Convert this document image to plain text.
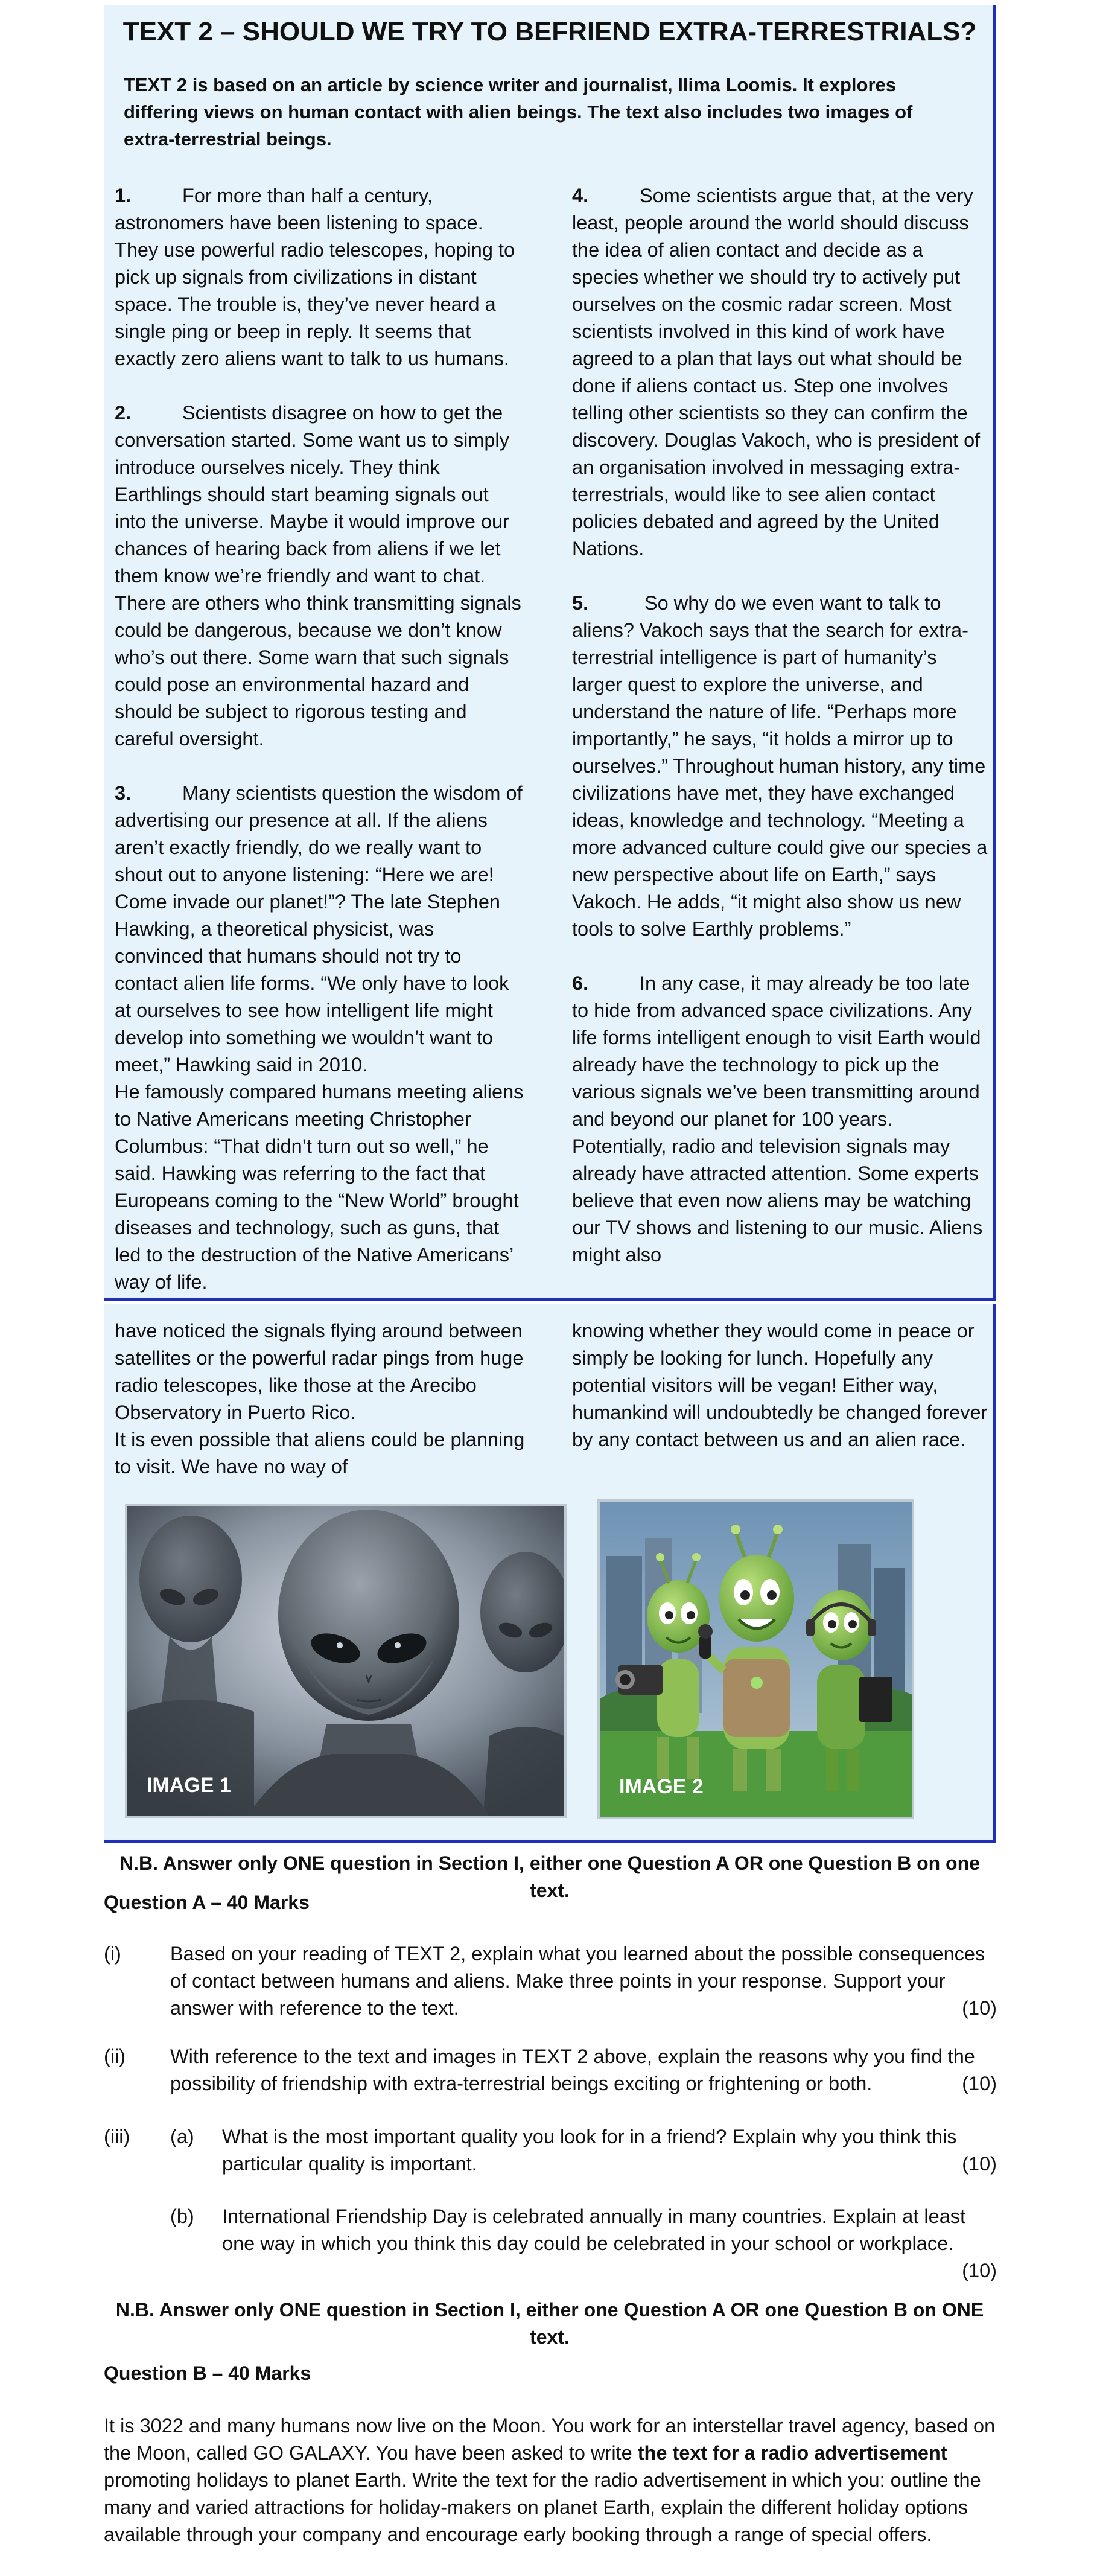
TEXT 2 – SHOULD WE TRY TO BEFRIEND EXTRA-TERRESTRIALS?
TEXT 2 is based on an article by science writer and journalist, Ilima Loomis. It explores differing views on human contact with alien beings. The text also includes two images of extra-terrestrial beings.

1.	For more than half a century, astronomers have been listening to space. They use powerful radio telescopes, hoping to pick up signals from civilizations in distant space. The trouble is, they’ve never heard a single ping or beep in reply. It seems that exactly zero aliens want to talk to us humans.

2.	Scientists disagree on how to get the conversation started. Some want us to simply introduce ourselves nicely. They think Earthlings should start beaming signals out into the universe. Maybe it would improve our chances of hearing back from aliens if we let them know we’re friendly and want to chat. There are others who think transmitting signals could be dangerous, because we don’t know who’s out there. Some warn that such signals could pose an environmental hazard and should be subject to rigorous testing and careful oversight.

3.	Many scientists question the wisdom of advertising our presence at all. If the aliens aren’t exactly friendly, do we really want to shout out to anyone listening: “Here we are! Come invade our planet!”? The late Stephen Hawking, a theoretical physicist, was convinced that humans should not try to contact alien life forms. “We only have to look at ourselves to see how intelligent life might develop into something we wouldn’t want to meet,” Hawking said in 2010.

He famously compared humans meeting aliens to Native Americans meeting Christopher Columbus: “That didn’t turn out so well,” he said. Hawking was referring to the fact that Europeans coming to the “New World” brought diseases and technology, such as guns, that led to the destruction of the Native Americans’ way of life.

4.	Some scientists argue that, at the very least, people around the world should discuss the idea of alien contact and decide as a species whether we should try to actively put ourselves on the cosmic radar screen. Most scientists involved in this kind of work have agreed to a plan that lays out what should be done if aliens contact us. Step one involves telling other scientists so they can confirm the discovery. Douglas Vakoch, who is president of an organisation involved in messaging extra-terrestrials, would like to see alien contact policies debated and agreed by the United Nations.

5.	So why do we even want to talk to aliens? Vakoch says that the search for extra-terrestrial intelligence is part of humanity’s larger quest to explore the universe, and understand the nature of life. “Perhaps more importantly,” he says, “it holds a mirror up to ourselves.” Throughout human history, any time civilizations have met, they have exchanged ideas, knowledge and technology. “Meeting a more advanced culture could give our species a new perspective about life on Earth,” says Vakoch. He adds, “it might also show us new tools to solve Earthly problems.”

6.	In any case, it may already be too late to hide from advanced space civilizations. Any life forms intelligent enough to visit Earth would already have the technology to pick up the various signals we’ve been transmitting around and beyond our planet for 100 years. Potentially, radio and television signals may already have attracted attention. Some experts believe that even now aliens may be watching our TV shows and listening to our music. Aliens might also

have noticed the signals flying around between satellites or the powerful radar pings from huge radio telescopes, like those at the Arecibo Observatory in Puerto Rico.

It is even possible that aliens could be planning to visit. We have no way of

knowing whether they would come in peace or simply be looking for lunch. Hopefully any potential visitors will be vegan! Either way, humankind will undoubtedly be changed forever by any contact between us and an alien race.

IMAGE 1	IMAGE 2
N.B. Answer only ONE question in Section I, either one Question A OR one Question B on one text.
Question A – 40 Marks
(i) Based on your reading of TEXT 2, explain what you learned about the possible consequences of contact between humans and aliens. Make three points in your response. Support your answer with reference to the text.	(10)
(ii) With reference to the text and images in TEXT 2 above, explain the reasons why you find the possibility of friendship with extra-terrestrial beings exciting or frightening or both.	(10)
(iii) (a) What is the most important quality you look for in a friend? Explain why you think this particular quality is important.	(10)
(b) International Friendship Day is celebrated annually in many countries. Explain at least one way in which you think this day could be celebrated in your school or workplace.
(10)
N.B. Answer only ONE question in Section I, either one Question A OR one Question B on ONE text.
Question B – 40 Marks
It is 3022 and many humans now live on the Moon. You work for an interstellar travel agency, based on the Moon, called GO GALAXY. You have been asked to write the text for a radio advertisement promoting holidays to planet Earth. Write the text for the radio advertisement in which you: outline the many and varied attractions for holiday-makers on planet Earth, explain the different holiday options available through your company and encourage early booking through a range of special offers.
